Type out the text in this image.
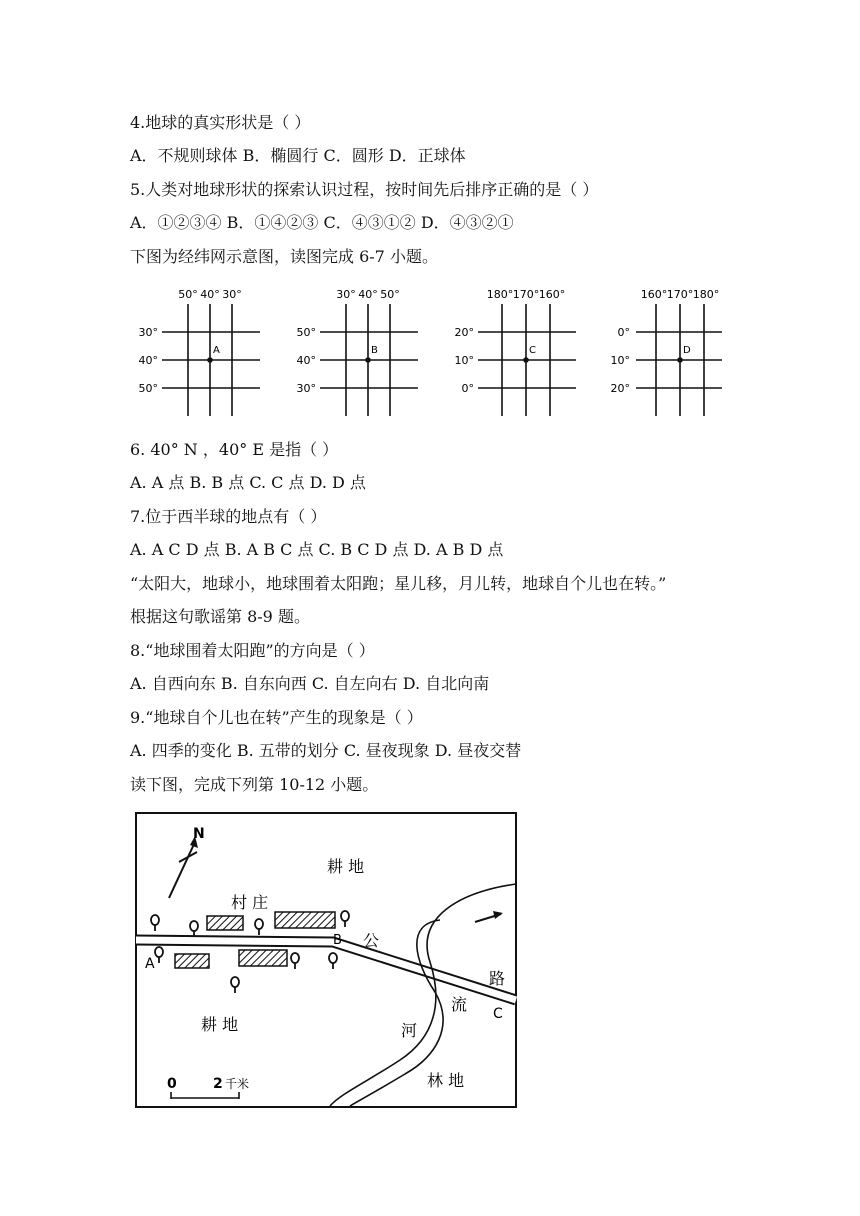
4.地球的真实形状是（ ）
A．不规则球体 B．椭圆行 C．圆形 D．正球体
5.人类对地球形状的探索认识过程，按时间先后排序正确的是（ ）
A．①②③④ B．①④②③ C．④③①② D．④③②①
下图为经纬网示意图，读图完成 6-7 小题。
50° 40° 30°
30°
40°
50°
A
30° 40° 50°
50°
40°
30°
B
180° 170° 160°
20°
10°
0°
C
160° 170° 180°
0°
10°
20°
D
6. 40° N ，40° E 是指（ ）
A. A 点 B. B 点 C. C 点 D. D 点
7.位于西半球的地点有（ ）
A. A C D 点 B. A B C 点 C. B C D 点 D. A B D 点
“太阳大，地球小，地球围着太阳跑；星儿移，月儿转，地球自个儿也在转。”
根据这句歌谣第 8-9 题。
8.“地球围着太阳跑”的方向是（ ）
A. 自西向东 B. 自东向西 C. 自左向右 D. 自北向南
9.“地球自个儿也在转”产生的现象是（ ）
A. 四季的变化 B. 五带的划分 C. 昼夜现象 D. 昼夜交替
读下图，完成下列第 10-12 小题。
N
耕 地
村 庄
A
B 公
路
流 C
河
耕 地
林 地
0	2 千米
